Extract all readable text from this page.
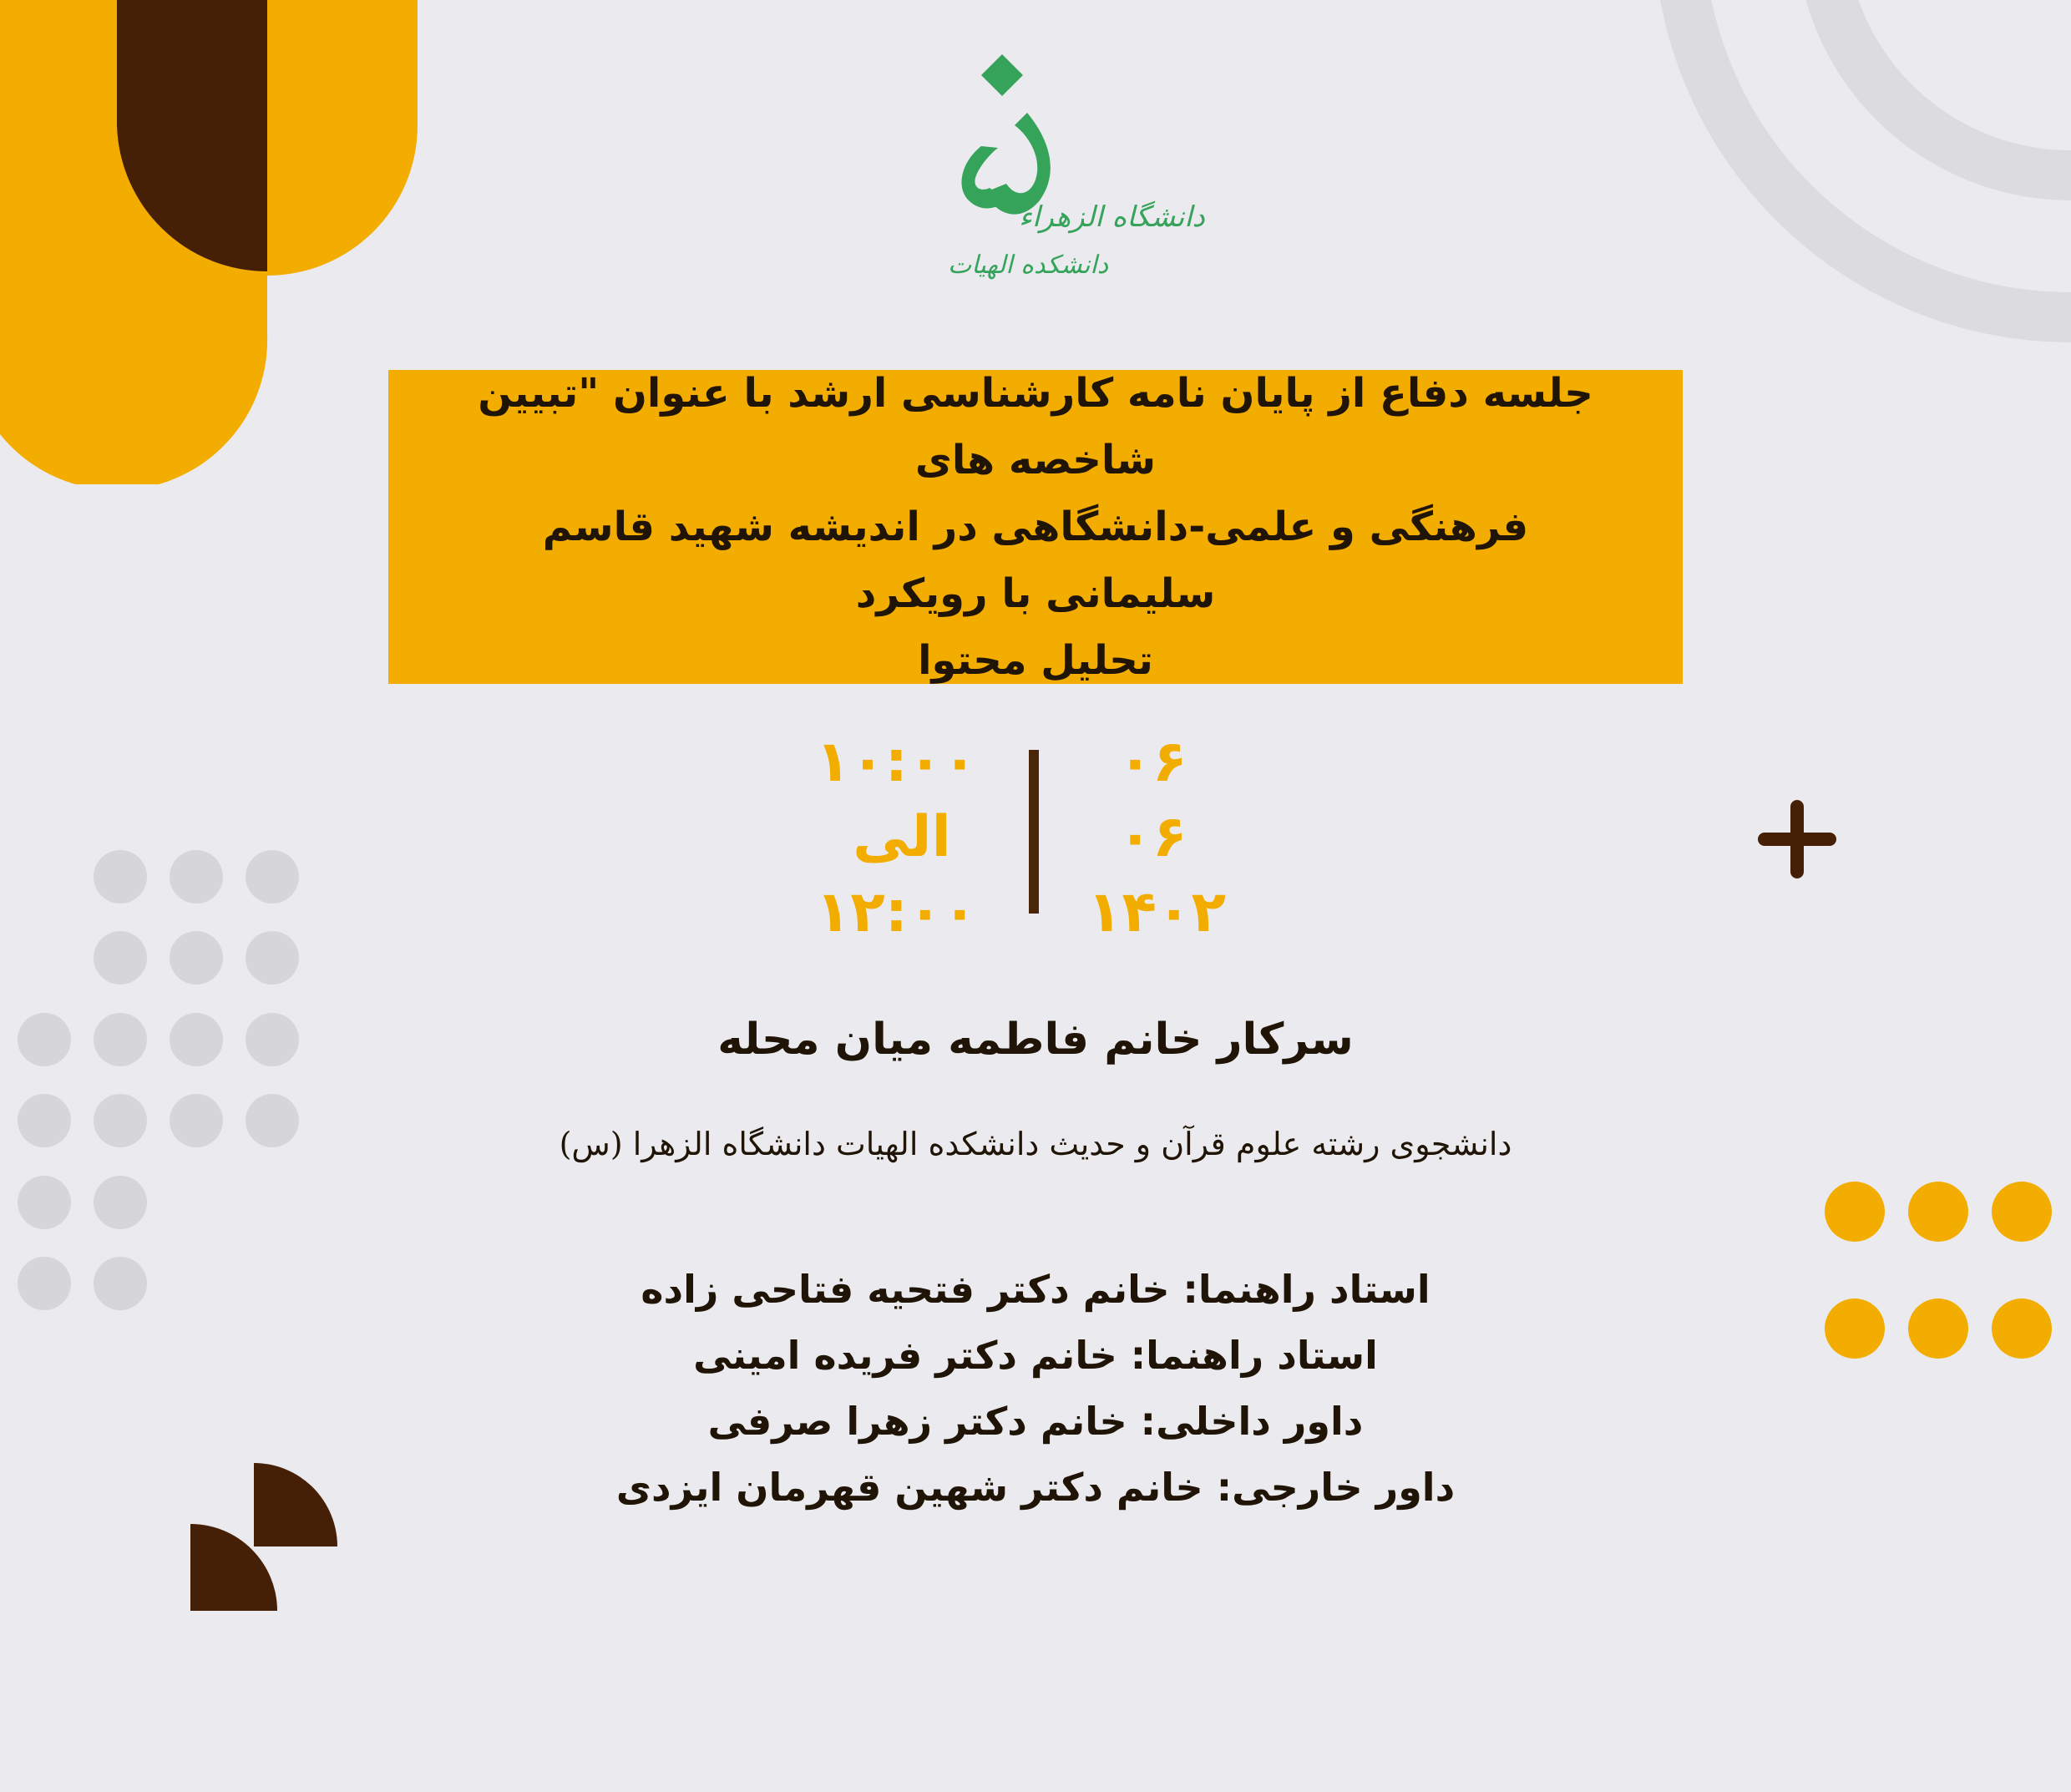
دانشگاه الزهراء
دانشکده الهیات
جلسه دفاع از پایان نامه کارشناسی ارشد با عنوان "تبیین شاخصه های
فرهنگی و علمی-دانشگاهی در اندیشه شهید قاسم سلیمانی با رویکرد
تحلیل محتوا
۰۶
۰۶
۱۴۰۲
۱۰:۰۰
الی
۱۲:۰۰
سرکار خانم فاطمه میان محله
دانشجوی رشته علوم قرآن و حدیث دانشکده الهیات دانشگاه الزهرا (س)
استاد راهنما: خانم دکتر فتحیه فتاحی زاده
استاد راهنما: خانم دکتر فریده امینی
داور داخلی: خانم دکتر زهرا صرفی
داور خارجی: خانم دکتر شهین قهرمان ایزدی
